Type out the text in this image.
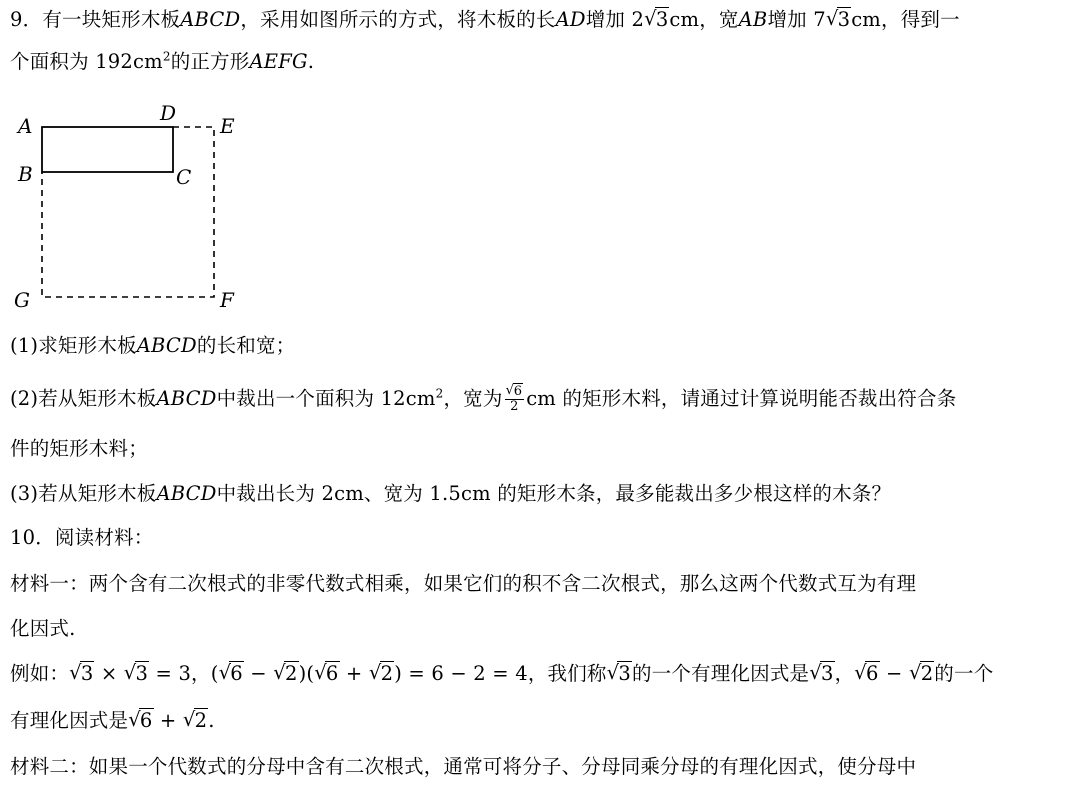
9．有一块矩形木板ABCD，采用如图所示的方式，将木板的长AD增加 2 √ 3cm，宽AB增加 7 √ 3cm，得到一
个面积为 $192cm^2$的正方形AEFG.
A
B	C
D
E
F
G
(1)求矩形木板ABCD的长和宽；
(2)若从矩形木板ABCD中裁出一个面积为 $12cm^2$，宽为 √ $\frac{6}{2}$ cm 的矩形木料，请通过计算说明能否裁出符合条
件的矩形木料；
(3)若从矩形木板ABCD中裁出长为 2cm、宽为 1.5cm 的矩形木条，最多能裁出多少根这样的木条？
10．阅读材料：
材料一：两个含有二次根式的非零代数式相乘，如果它们的积不含二次根式，那么这两个代数式互为有理
化因式.
例如： √ 3 × √ 3 = 3，( √ 6 − √ 2)( √ 6 + √ 2) = 6 − 2 = 4，我们称 √ 3的一个有理化因式是 √ 3， √ 6 − √ 2的一个
有理化因式是 √ 6 + √ 2.
材料二：如果一个代数式的分母中含有二次根式，通常可将分子、分母同乘分母的有理化因式，使分母中
